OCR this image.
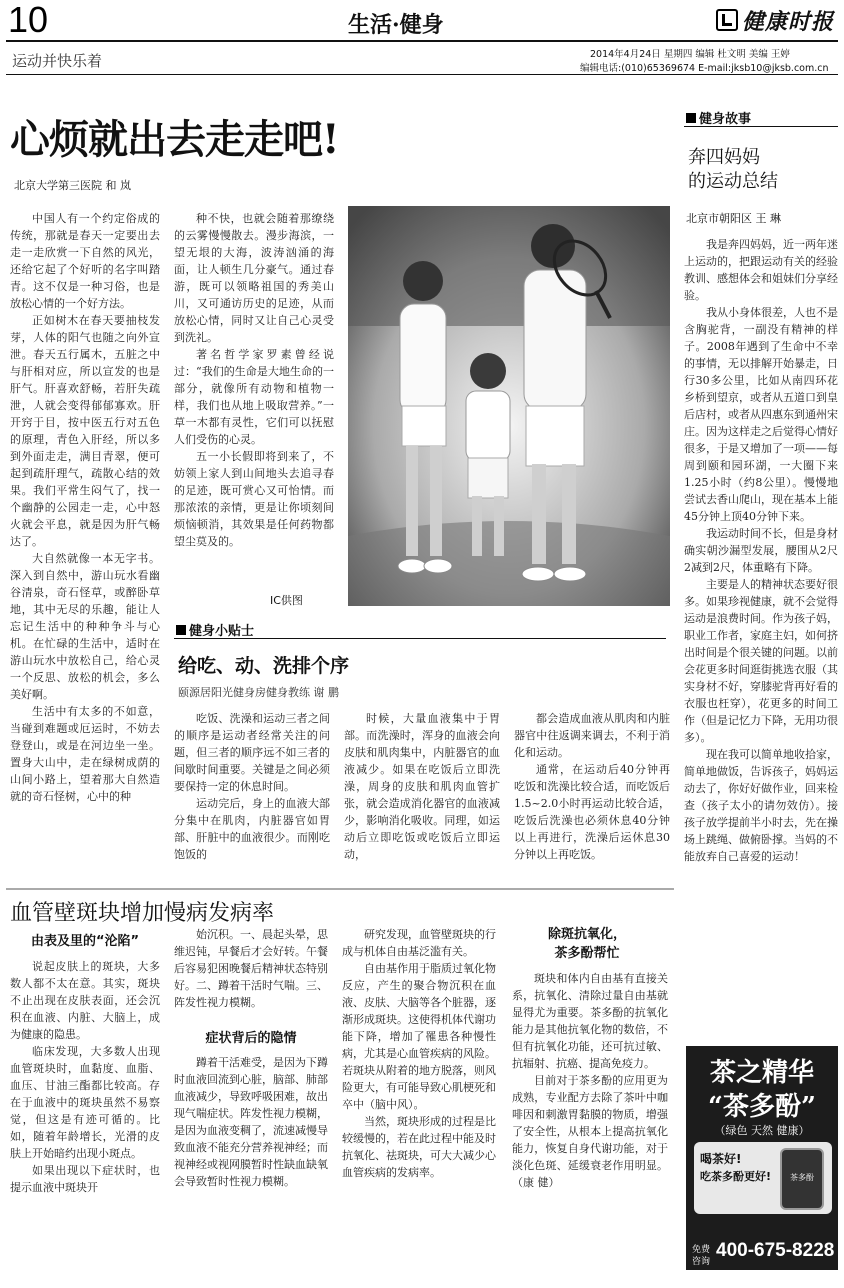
10	生活·健身	健康时报
运动并快乐着	2014年4月24日 星期四 编辑 杜文明 美编 王婷
编辑电话:(010)65369674 E-mail:jksb10@jksb.com.cn
心烦就出去走走吧!
北京大学第三医院 和 岚

中国人有一个约定俗成的传统，那就是春天一定要出去走一走欣赏一下自然的风光，还给它起了个好听的名字叫踏青。这不仅是一种习俗，也是放松心情的一个好方法。

正如树木在春天要抽枝发芽，人体的阳气也随之向外宣泄。春天五行属木，五脏之中与肝相对应，所以宣发的也是肝气。肝喜欢舒畅，若肝失疏泄，人就会变得郁郁寡欢。肝开窍于目，按中医五行对五色的原理，青色入肝经，所以多到外面走走，满目青翠，便可起到疏肝理气，疏散心结的效果。我们平常生闷气了，找一个幽静的公园走一走，心中怒火就会平息，就是因为肝气畅达了。

大自然就像一本无字书。深入到自然中，游山玩水看幽谷清泉，奇石怪草，或醉卧草地，其中无尽的乐趣，能让人忘记生活中的种种争斗与心机。在忙碌的生活中，适时在游山玩水中放松自己，给心灵一个反思、放松的机会，多么美好啊。

生活中有太多的不如意，当碰到难题或厄运时，不妨去登登山，或是在河边坐一坐。置身大山中，走在绿树成荫的山间小路上，望着那大自然造就的奇石怪树，心中的种

种不快，也就会随着那缭绕的云雾慢慢散去。漫步海滨，一望无垠的大海，波涛汹涌的海面，让人顿生几分豪气。通过春游，既可以领略祖国的秀美山川，又可通访历史的足迹，从而放松心情，同时又让自己心灵受到洗礼。

著名哲学家罗素曾经说过：“我们的生命是大地生命的一部分，就像所有动物和植物一样，我们也从地上吸取营养。”一草一木都有灵性，它们可以抚慰人们受伤的心灵。

五一小长假即将到来了，不妨领上家人到山间地头去追寻春的足迹，既可赏心又可怡情。而那浓浓的亲情，更是让你顷刻间烦恼顿消，其效果是任何药物都望尘莫及的。

IC供图
健身小贴士
给吃、动、洗排个序
颐源居阳光健身房健身教练 谢 鹏

吃饭、洗澡和运动三者之间的顺序是运动者经常关注的问题，但三者的顺序远不如三者的间歇时间重要。关键是之间必须要保持一定的休息时间。

运动完后，身上的血液大部分集中在肌肉，内脏器官如胃部、肝脏中的血液很少。而刚吃饱饭的

时候，大量血液集中于胃部。而洗澡时，浑身的血液会向皮肤和肌肉集中，内脏器官的血液减少。如果在吃饭后立即洗澡，周身的皮肤和肌肉血管扩张，就会造成消化器官的血液减少，影响消化吸收。同理，如运动后立即吃饭或吃饭后立即运动，

都会造成血液从肌肉和内脏器官中往返调来调去，不利于消化和运动。

通常，在运动后40分钟再吃饭和洗澡比较合适，而吃饭后1.5~2.0小时再运动比较合适，吃饭后洗澡也必须休息40分钟以上再进行，洗澡后运休息30分钟以上再吃饭。

健身故事
奔四妈妈
的运动总结
北京市朝阳区 王 琳

我是奔四妈妈，近一两年迷上运动的，把跟运动有关的经验教训、感想体会和姐妹们分享经验。

我从小身体很差，人也不是含胸驼背，一副没有精神的样子。2008年遇到了生命中不幸的事情，无以排解开始暴走，日行30多公里，比如从南四环花乡桥到望京，或者从五道口到皇后店村，或者从四惠东到通州宋庄。因为这样走之后觉得心情好很多，于是又增加了一项——每周到颐和园环湖，一大圈下来1.25小时（约8公里）。慢慢地尝试去香山爬山，现在基本上能45分钟上顶40分钟下来。

我运动时间不长，但是身材确实朝沙漏型发展，腰围从2尺2减到2尺，体重略有下降。

主要是人的精神状态要好很多。如果珍视健康，就不会觉得运动是浪费时间。作为孩子妈，职业工作者，家庭主妇，如何挤出时间是个很关键的问题。以前会花更多时间逛街挑选衣服（其实身材不好，穿膝驼背再好看的衣服也枉穿），花更多的时间工作（但是记忆力下降，无用功很多）。

现在我可以简单地收拾家，简单地做饭，告诉孩子，妈妈运动去了，你好好做作业，回来检查（孩子太小的请勿效仿）。接孩子放学提前半小时去，先在操场上跳绳、做俯卧撑。当妈的不能放弃自己喜爱的运动！

血管壁斑块增加慢病发病率
由表及里的“沦陷”

说起皮肤上的斑块，大多数人都不太在意。其实，斑块不止出现在皮肤表面，还会沉积在血液、内脏、大脑上，成为健康的隐患。

临床发现，大多数人出现血管斑块时，血黏度、血脂、血压、甘油三酯都比较高。存在于血液中的斑块虽然不易察觉，但这是有迹可循的。比如，随着年龄增长，光滑的皮肤上开始暗约出现小斑点。

如果出现以下症状时，也提示血液中斑块开

始沉积。一、晨起头晕，思维迟钝，早餐后才会好转。午餐后容易犯困晚餐后精神状态特别好。二、蹲着干活时气喘。三、阵发性视力模糊。

症状背后的隐情

蹲着干活难受，是因为下蹲时血液回流到心脏，脑部、肺部血液减少，导致呼吸困难，故出现气喘症状。阵发性视力模糊，是因为血液变稠了，流速减慢导致血液不能充分营养视神经；而视神经或视网膜暂时性缺血缺氧会导致暂时性视力模糊。

研究发现，血管壁斑块的行成与机体自由基泛滥有关。

自由基作用于脂质过氧化物反应，产生的聚合物沉积在血液、皮肤、大脑等各个脏器，逐渐形成斑块。这使得机体代谢功能下降，增加了罹患各种慢性病，尤其是心血管疾病的风险。若斑块从附着的地方脱落，则风险更大，有可能导致心肌梗死和卒中（脑中风）。

当然，斑块形成的过程是比较缓慢的，若在此过程中能及时抗氧化、祛斑块，可大大减少心血管疾病的发病率。

除斑抗氧化，
茶多酚帮忙

斑块和体内自由基有直接关系，抗氧化、清除过量自由基就显得尤为重要。茶多酚的抗氧化能力是其他抗氧化物的数倍，不但有抗氧化功能，还可抗过敏、抗辐射、抗癌、提高免疫力。

目前对于茶多酚的应用更为成熟，专业配方去除了茶叶中咖啡因和刺激胃黏膜的物质，增强了安全性，从根本上提高抗氧化能力，恢复自身代谢功能，对于淡化色斑、延缓衰老作用明显。（康 健）

茶之精华
“茶多酚”
（绿色 天然 健康）
喝茶好!
吃茶多酚更好!	茶多酚
免费
咨询
400-675-8228
